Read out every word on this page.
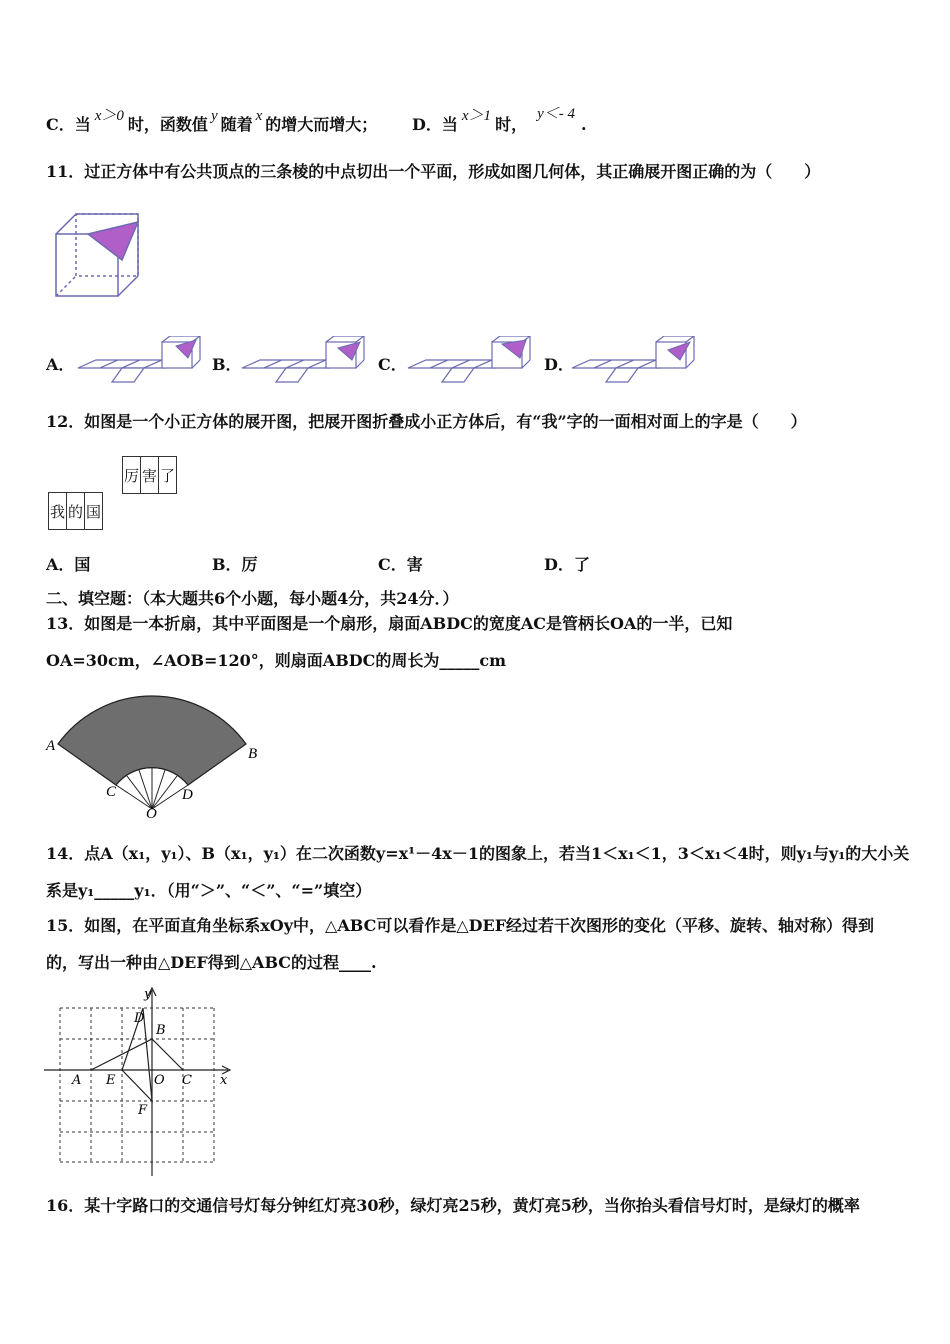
C．当 x＞0 时，函数值 y 随着 x 的增大而增大； D．当 x＞1 时，y＜- 4.
11．过正方体中有公共顶点的三条棱的中点切出一个平面，形成如图几何体，其正确展开图正确的为（　　）
A．	B．	C．	D．
12．如图是一个小正方体的展开图，把展开图折叠成小正方体后，有“我”字的一面相对面上的字是（　　）
厉	害	了
我	的	国
A．国	B．厉	C．害	D．了
二、填空题：（本大题共6个小题，每小题4分，共24分．）
13．如图是一本折扇，其中平面图是一个扇形，扇面ABDC的宽度AC是管柄长OA的一半，已知
OA=30cm，∠AOB=120°，则扇面ABDC的周长为_____cm
A	B
C	D
O
14．点A（x₁，y₁）、B（x₁，y₁）在二次函数y=x¹－4x－1的图象上，若当1＜x₁＜1，3＜x₁＜4时，则y₁与y₁的大小关
系是y₁_____y₁．（用“＞”、“＜”、“=”填空）
15．如图，在平面直角坐标系xOy中，△ABC可以看作是△DEF经过若干次图形的变化（平移、旋转、轴对称）得到
的，写出一种由△DEF得到△ABC的过程____.
y
x
D
B
A E	O C
F
16．某十字路口的交通信号灯每分钟红灯亮30秒，绿灯亮25秒，黄灯亮5秒，当你抬头看信号灯时，是绿灯的概率
